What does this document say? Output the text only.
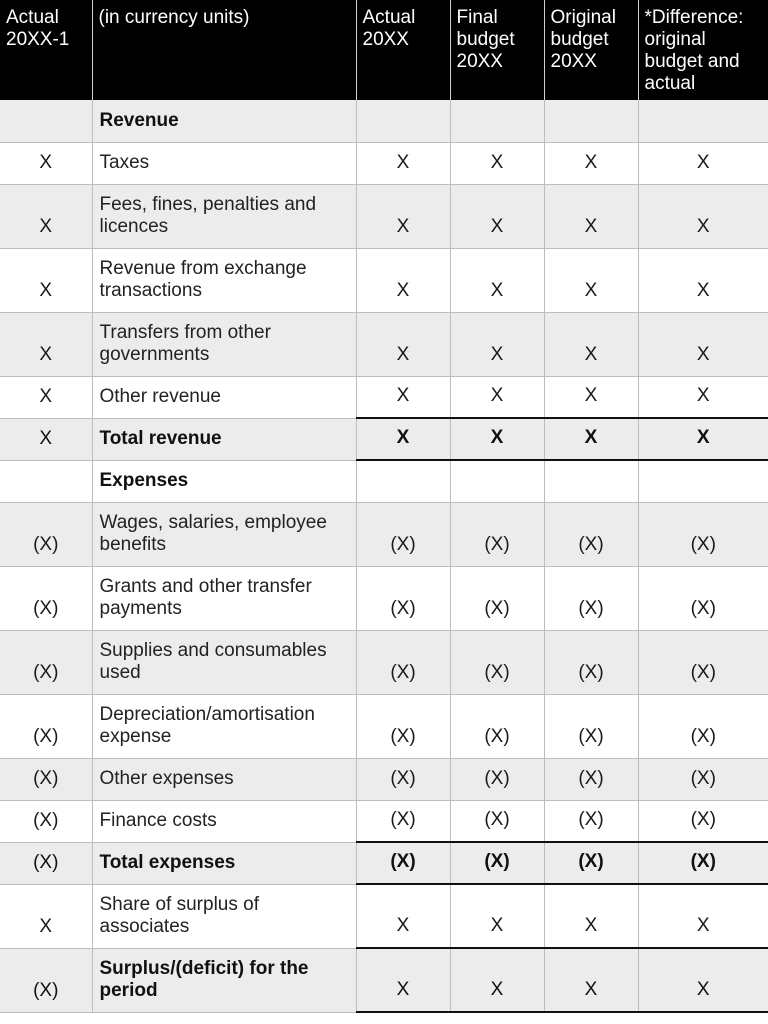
Actual 20XX-1	(in currency units)	Actual 20XX	Final budget 20XX	Original budget 20XX	*Difference: original budget and actual
	Revenue				
X	Taxes	X	X	X	X
X	Fees, fines, penalties and licences	X	X	X	X
X	Revenue from exchange transactions	X	X	X	X
X	Transfers from other governments	X	X	X	X
X	Other revenue	X	X	X	X
X	Total revenue	X	X	X	X
	Expenses				
(X)	Wages, salaries, employee benefits	(X)	(X)	(X)	(X)
(X)	Grants and other transfer payments	(X)	(X)	(X)	(X)
(X)	Supplies and consumables used	(X)	(X)	(X)	(X)
(X)	Depreciation/amortisation expense	(X)	(X)	(X)	(X)
(X)	Other expenses	(X)	(X)	(X)	(X)
(X)	Finance costs	(X)	(X)	(X)	(X)
(X)	Total expenses	(X)	(X)	(X)	(X)
X	Share of surplus of associates	X	X	X	X
(X)	Surplus/(deficit) for the period	X	X	X	X
